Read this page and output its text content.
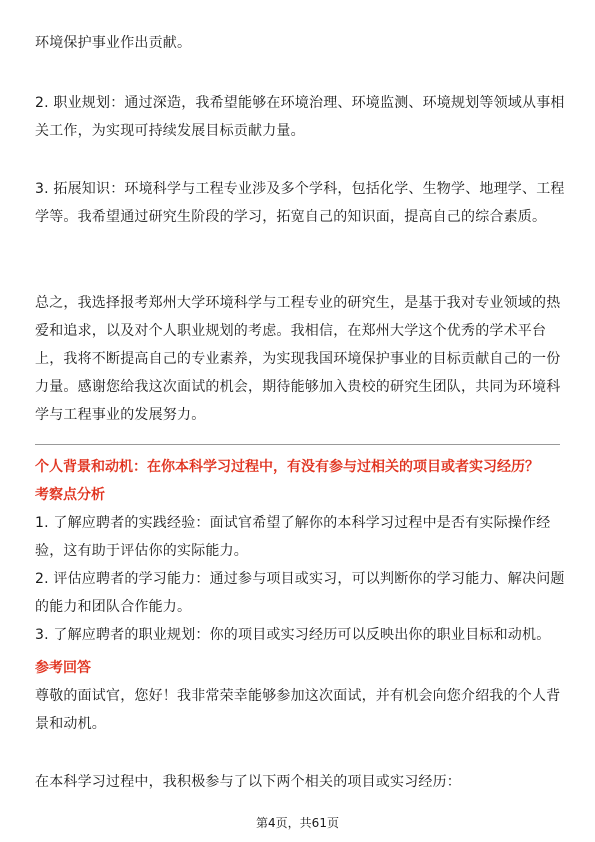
环境保护事业作出贡献。

2. 职业规划：通过深造，我希望能够在环境治理、环境监测、环境规划等领域从事相关工作，为实现可持续发展目标贡献力量。

3. 拓展知识：环境科学与工程专业涉及多个学科，包括化学、生物学、地理学、工程学等。我希望通过研究生阶段的学习，拓宽自己的知识面，提高自己的综合素质。

总之，我选择报考郑州大学环境科学与工程专业的研究生，是基于我对专业领域的热爱和追求，以及对个人职业规划的考虑。我相信，在郑州大学这个优秀的学术平台上，我将不断提高自己的专业素养，为实现我国环境保护事业的目标贡献自己的一份力量。感谢您给我这次面试的机会，期待能够加入贵校的研究生团队，共同为环境科学与工程事业的发展努力。

个人背景和动机：在你本科学习过程中，有没有参与过相关的项目或者实习经历？

考察点分析

1. 了解应聘者的实践经验：面试官希望了解你的本科学习过程中是否有实际操作经验，这有助于评估你的实际能力。

2. 评估应聘者的学习能力：通过参与项目或实习，可以判断你的学习能力、解决问题的能力和团队合作能力。

3. 了解应聘者的职业规划：你的项目或实习经历可以反映出你的职业目标和动机。

参考回答

尊敬的面试官，您好！我非常荣幸能够参加这次面试，并有机会向您介绍我的个人背景和动机。

在本科学习过程中，我积极参与了以下两个相关的项目或实习经历：

第4页，共61页
